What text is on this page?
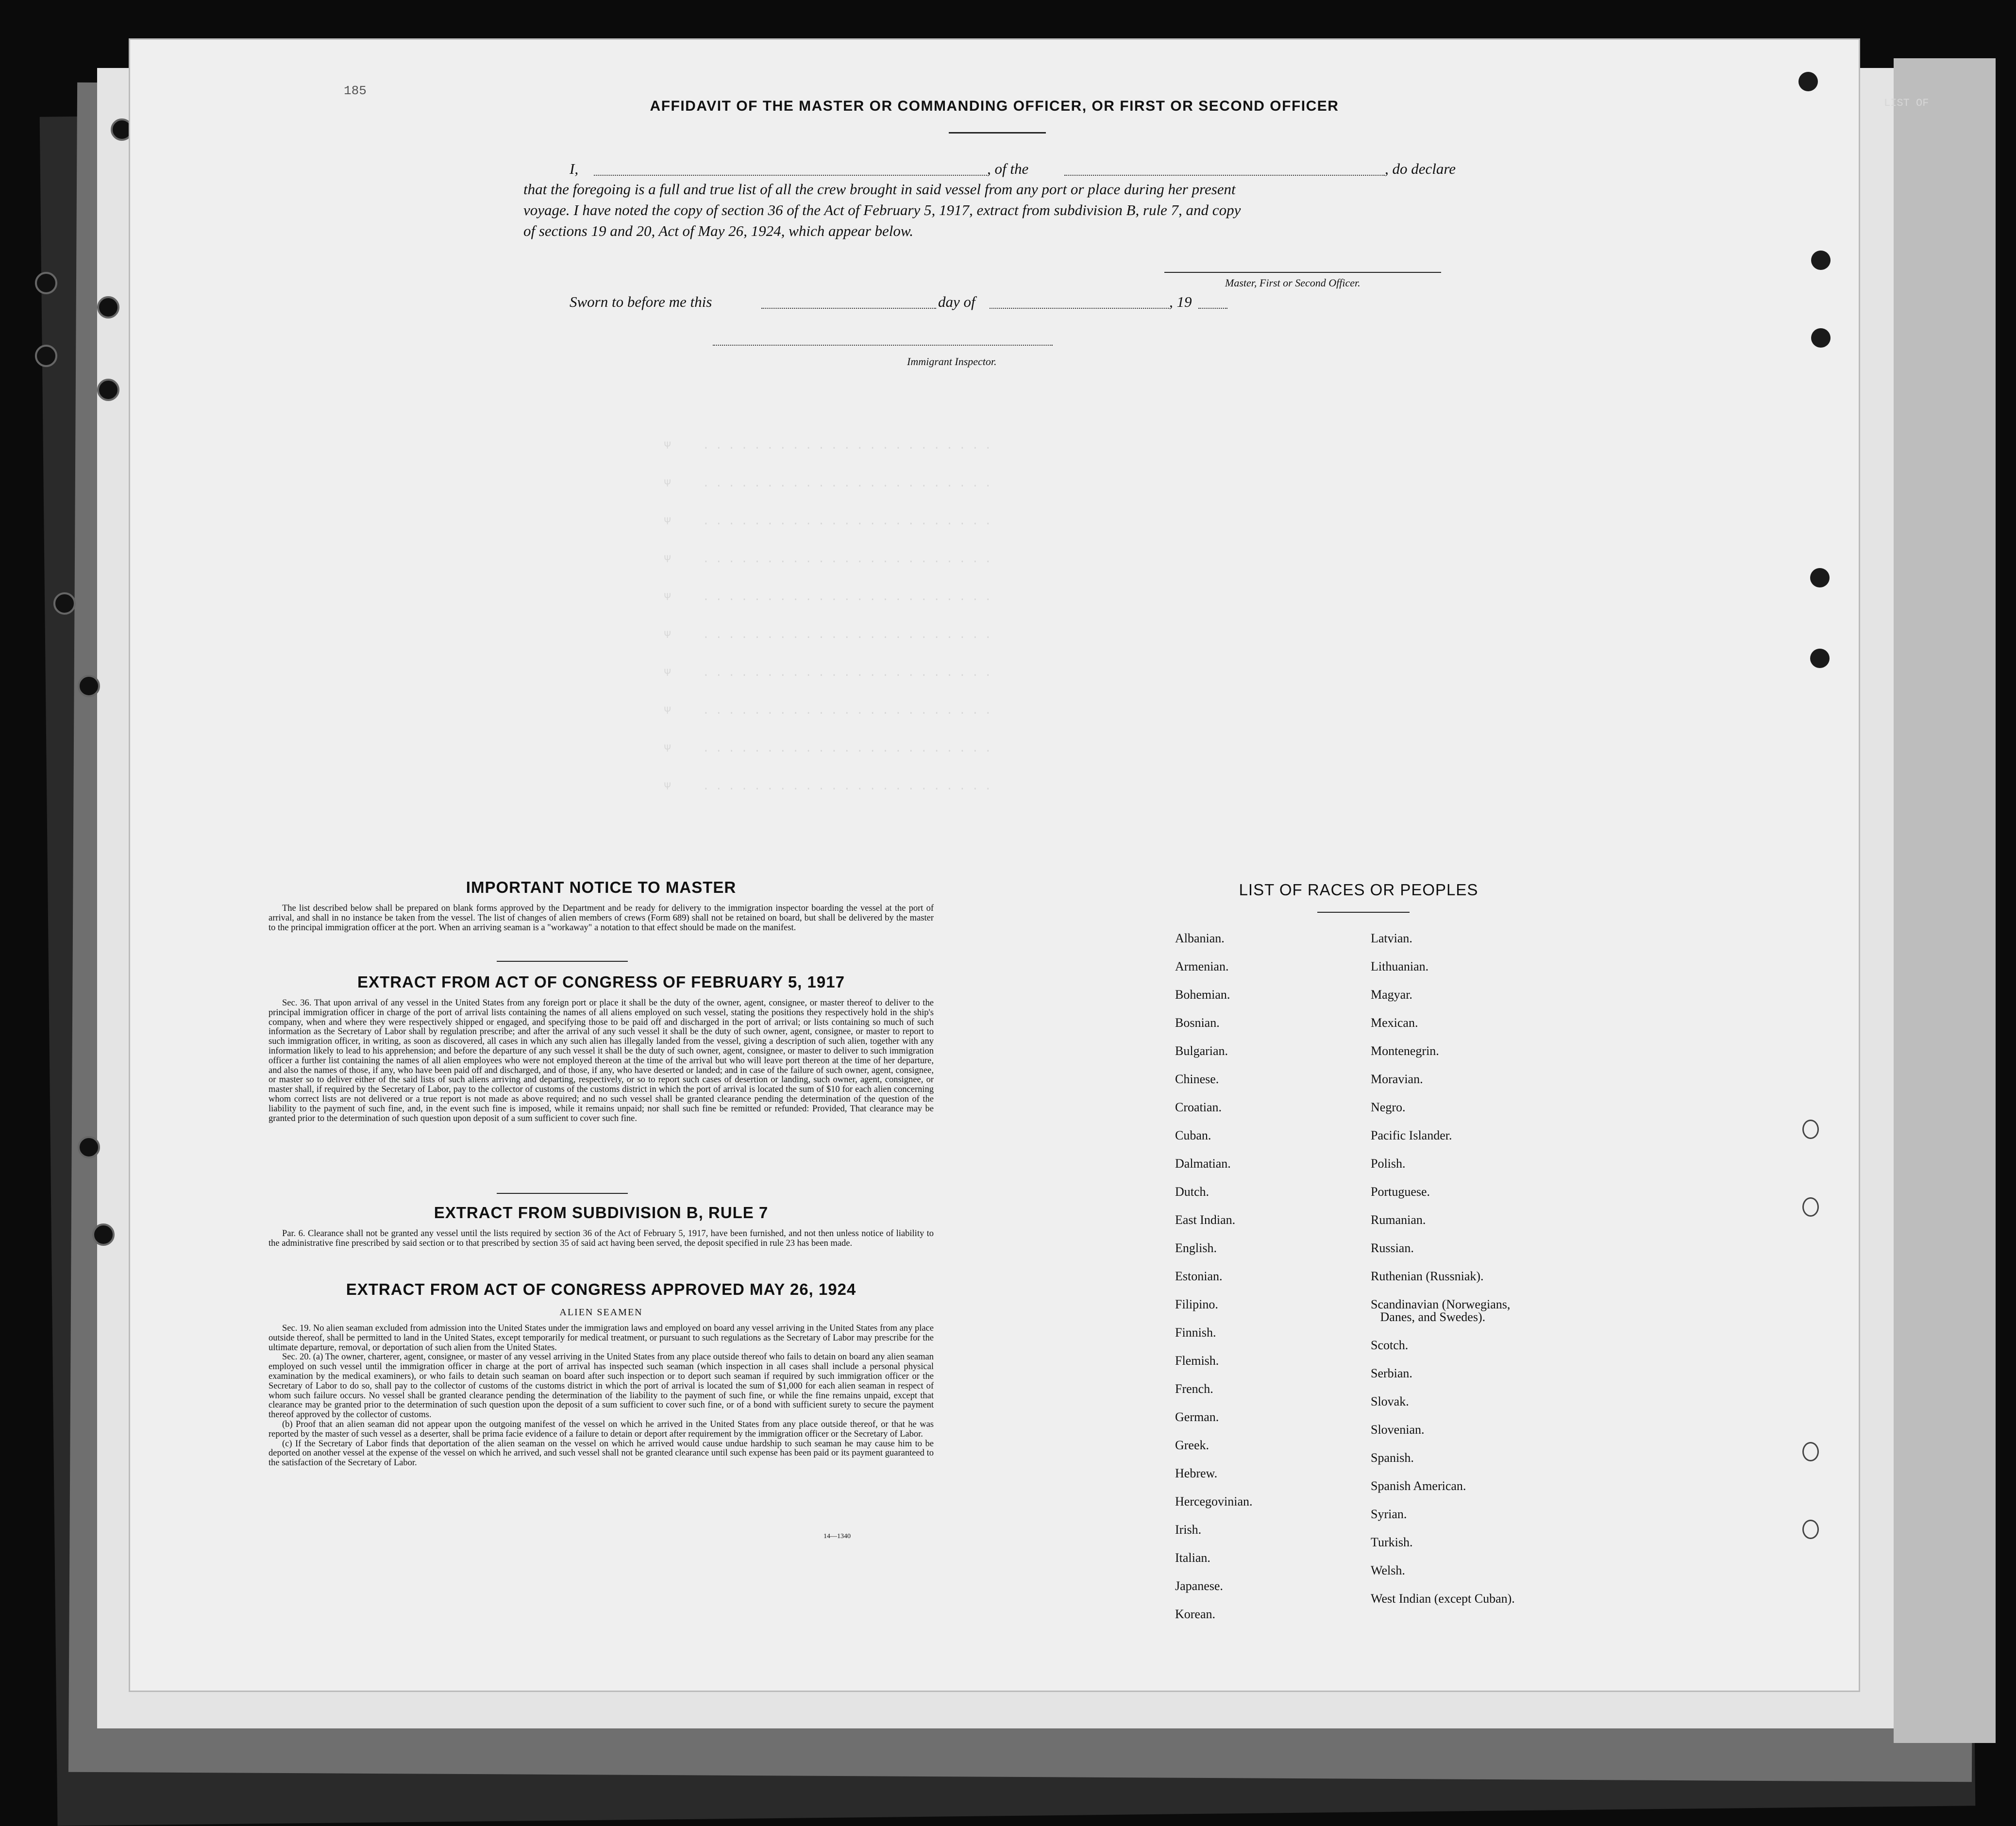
LIST OF
185
AFFIDAVIT OF THE MASTER OR COMMANDING OFFICER, OR FIRST OR SECOND OFFICER
I,	, of the	, do declare
that the foregoing is a full and true list of all the crew brought in said vessel from any port or place during her present
voyage. I have noted the copy of section 36 of the Act of February 5, 1917, extract from subdivision B, rule 7, and copy
of sections 19 and 20, Act of May 26, 1924, which appear below.
Master, First or Second Officer.
Sworn to before me this	day of	, 19
Immigrant Inspector.

Ψ     . . . . . . . . . . . . . . . . . . . . . . .
Ψ     . . . . . . . . . . . . . . . . . . . . . . .
Ψ     . . . . . . . . . . . . . . . . . . . . . . .
Ψ     . . . . . . . . . . . . . . . . . . . . . . .
Ψ     . . . . . . . . . . . . . . . . . . . . . . .
Ψ     . . . . . . . . . . . . . . . . . . . . . . .
Ψ     . . . . . . . . . . . . . . . . . . . . . . .
Ψ     . . . . . . . . . . . . . . . . . . . . . . .
Ψ     . . . . . . . . . . . . . . . . . . . . . . .
Ψ     . . . . . . . . . . . . . . . . . . . . . . .
IMPORTANT NOTICE TO MASTER

The list described below shall be prepared on blank forms approved by the Department and be ready for delivery to the immigration inspector boarding the vessel at the port of arrival, and shall in no instance be taken from the vessel. The list of changes of alien members of crews (Form 689) shall not be retained on board, but shall be delivered by the master to the principal immigration officer at the port. When an arriving seaman is a "workaway" a notation to that effect should be made on the manifest.

EXTRACT FROM ACT OF CONGRESS OF FEBRUARY 5, 1917

Sec. 36. That upon arrival of any vessel in the United States from any foreign port or place it shall be the duty of the owner, agent, consignee, or master thereof to deliver to the principal immigration officer in charge of the port of arrival lists containing the names of all aliens employed on such vessel, stating the positions they respectively hold in the ship's company, when and where they were respectively shipped or engaged, and specifying those to be paid off and discharged in the port of arrival; or lists containing so much of such information as the Secretary of Labor shall by regulation prescribe; and after the arrival of any such vessel it shall be the duty of such owner, agent, consignee, or master to report to such immigration officer, in writing, as soon as discovered, all cases in which any such alien has illegally landed from the vessel, giving a description of such alien, together with any information likely to lead to his apprehension; and before the departure of any such vessel it shall be the duty of such owner, agent, consignee, or master to deliver to such immigration officer a further list containing the names of all alien employees who were not employed thereon at the time of the arrival but who will leave port thereon at the time of her departure, and also the names of those, if any, who have been paid off and discharged, and of those, if any, who have deserted or landed; and in case of the failure of such owner, agent, consignee, or master so to deliver either of the said lists of such aliens arriving and departing, respectively, or so to report such cases of desertion or landing, such owner, agent, consignee, or master shall, if required by the Secretary of Labor, pay to the collector of customs of the customs district in which the port of arrival is located the sum of $10 for each alien concerning whom correct lists are not delivered or a true report is not made as above required; and no such vessel shall be granted clearance pending the determination of the question of the liability to the payment of such fine, and, in the event such fine is imposed, while it remains unpaid; nor shall such fine be remitted or refunded: Provided, That clearance may be granted prior to the determination of such question upon deposit of a sum sufficient to cover such fine.

EXTRACT FROM SUBDIVISION B, RULE 7

Par. 6. Clearance shall not be granted any vessel until the lists required by section 36 of the Act of February 5, 1917, have been furnished, and not then unless notice of liability to the administrative fine prescribed by said section or to that prescribed by section 35 of said act having been served, the deposit specified in rule 23 has been made.

EXTRACT FROM ACT OF CONGRESS APPROVED MAY 26, 1924
ALIEN SEAMEN

Sec. 19. No alien seaman excluded from admission into the United States under the immigration laws and employed on board any vessel arriving in the United States from any place outside thereof, shall be permitted to land in the United States, except temporarily for medical treatment, or pursuant to such regulations as the Secretary of Labor may prescribe for the ultimate departure, removal, or deportation of such alien from the United States.

Sec. 20. (a) The owner, charterer, agent, consignee, or master of any vessel arriving in the United States from any place outside thereof who fails to detain on board any alien seaman employed on such vessel until the immigration officer in charge at the port of arrival has inspected such seaman (which inspection in all cases shall include a personal physical examination by the medical examiners), or who fails to detain such seaman on board after such inspection or to deport such seaman if required by such immigration officer or the Secretary of Labor to do so, shall pay to the collector of customs of the customs district in which the port of arrival is located the sum of $1,000 for each alien seaman in respect of whom such failure occurs. No vessel shall be granted clearance pending the determination of the liability to the payment of such fine, or while the fine remains unpaid, except that clearance may be granted prior to the determination of such question upon the deposit of a sum sufficient to cover such fine, or of a bond with sufficient surety to secure the payment thereof approved by the collector of customs.

(b) Proof that an alien seaman did not appear upon the outgoing manifest of the vessel on which he arrived in the United States from any place outside thereof, or that he was reported by the master of such vessel as a deserter, shall be prima facie evidence of a failure to detain or deport after requirement by the immigration officer or the Secretary of Labor.

(c) If the Secretary of Labor finds that deportation of the alien seaman on the vessel on which he arrived would cause undue hardship to such seaman he may cause him to be deported on another vessel at the expense of the vessel on which he arrived, and such vessel shall not be granted clearance until such expense has been paid or its payment guaranteed to the satisfaction of the Secretary of Labor.

14—1340
LIST OF RACES OR PEOPLES
Albanian.
Armenian.
Bohemian.
Bosnian.
Bulgarian.
Chinese.
Croatian.
Cuban.
Dalmatian.
Dutch.
East Indian.
English.
Estonian.
Filipino.
Finnish.
Flemish.
French.
German.
Greek.
Hebrew.
Hercegovinian.
Irish.
Italian.
Japanese.
Korean.
Latvian.
Lithuanian.
Magyar.
Mexican.
Montenegrin.
Moravian.
Negro.
Pacific Islander.
Polish.
Portuguese.
Rumanian.
Russian.
Ruthenian (Russniak).
Scandinavian (Norwegians,
Danes, and Swedes).
Scotch.
Serbian.
Slovak.
Slovenian.
Spanish.
Spanish American.
Syrian.
Turkish.
Welsh.
West Indian (except Cuban).
